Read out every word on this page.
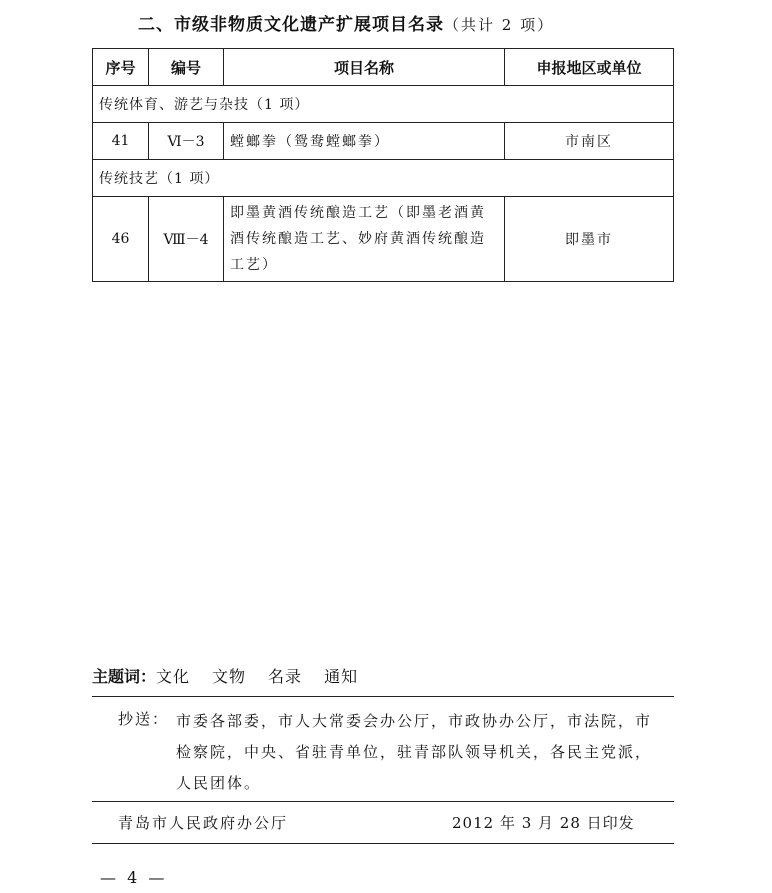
二、市级非物质文化遗产扩展项目名录（共计 2 项）
序号	编号	项目名称	申报地区或单位
传统体育、游艺与杂技（1 项）			
41	Ⅵ－3	螳螂拳（鸳鸯螳螂拳）	市南区
传统技艺（1 项）			
46	Ⅷ－4	即墨黄酒传统酿造工艺（即墨老酒黄酒传统酿造工艺、妙府黄酒传统酿造工艺）	即墨市
主题词：文化 文物 名录 通知
抄送： 市委各部委，市人大常委会办公厅，市政协办公厅，市法院，市检察院，中央、省驻青单位，驻青部队领导机关，各民主党派，人民团体。
青岛市人民政府办公厅	2012 年 3 月 28 日印发
— 4 —
